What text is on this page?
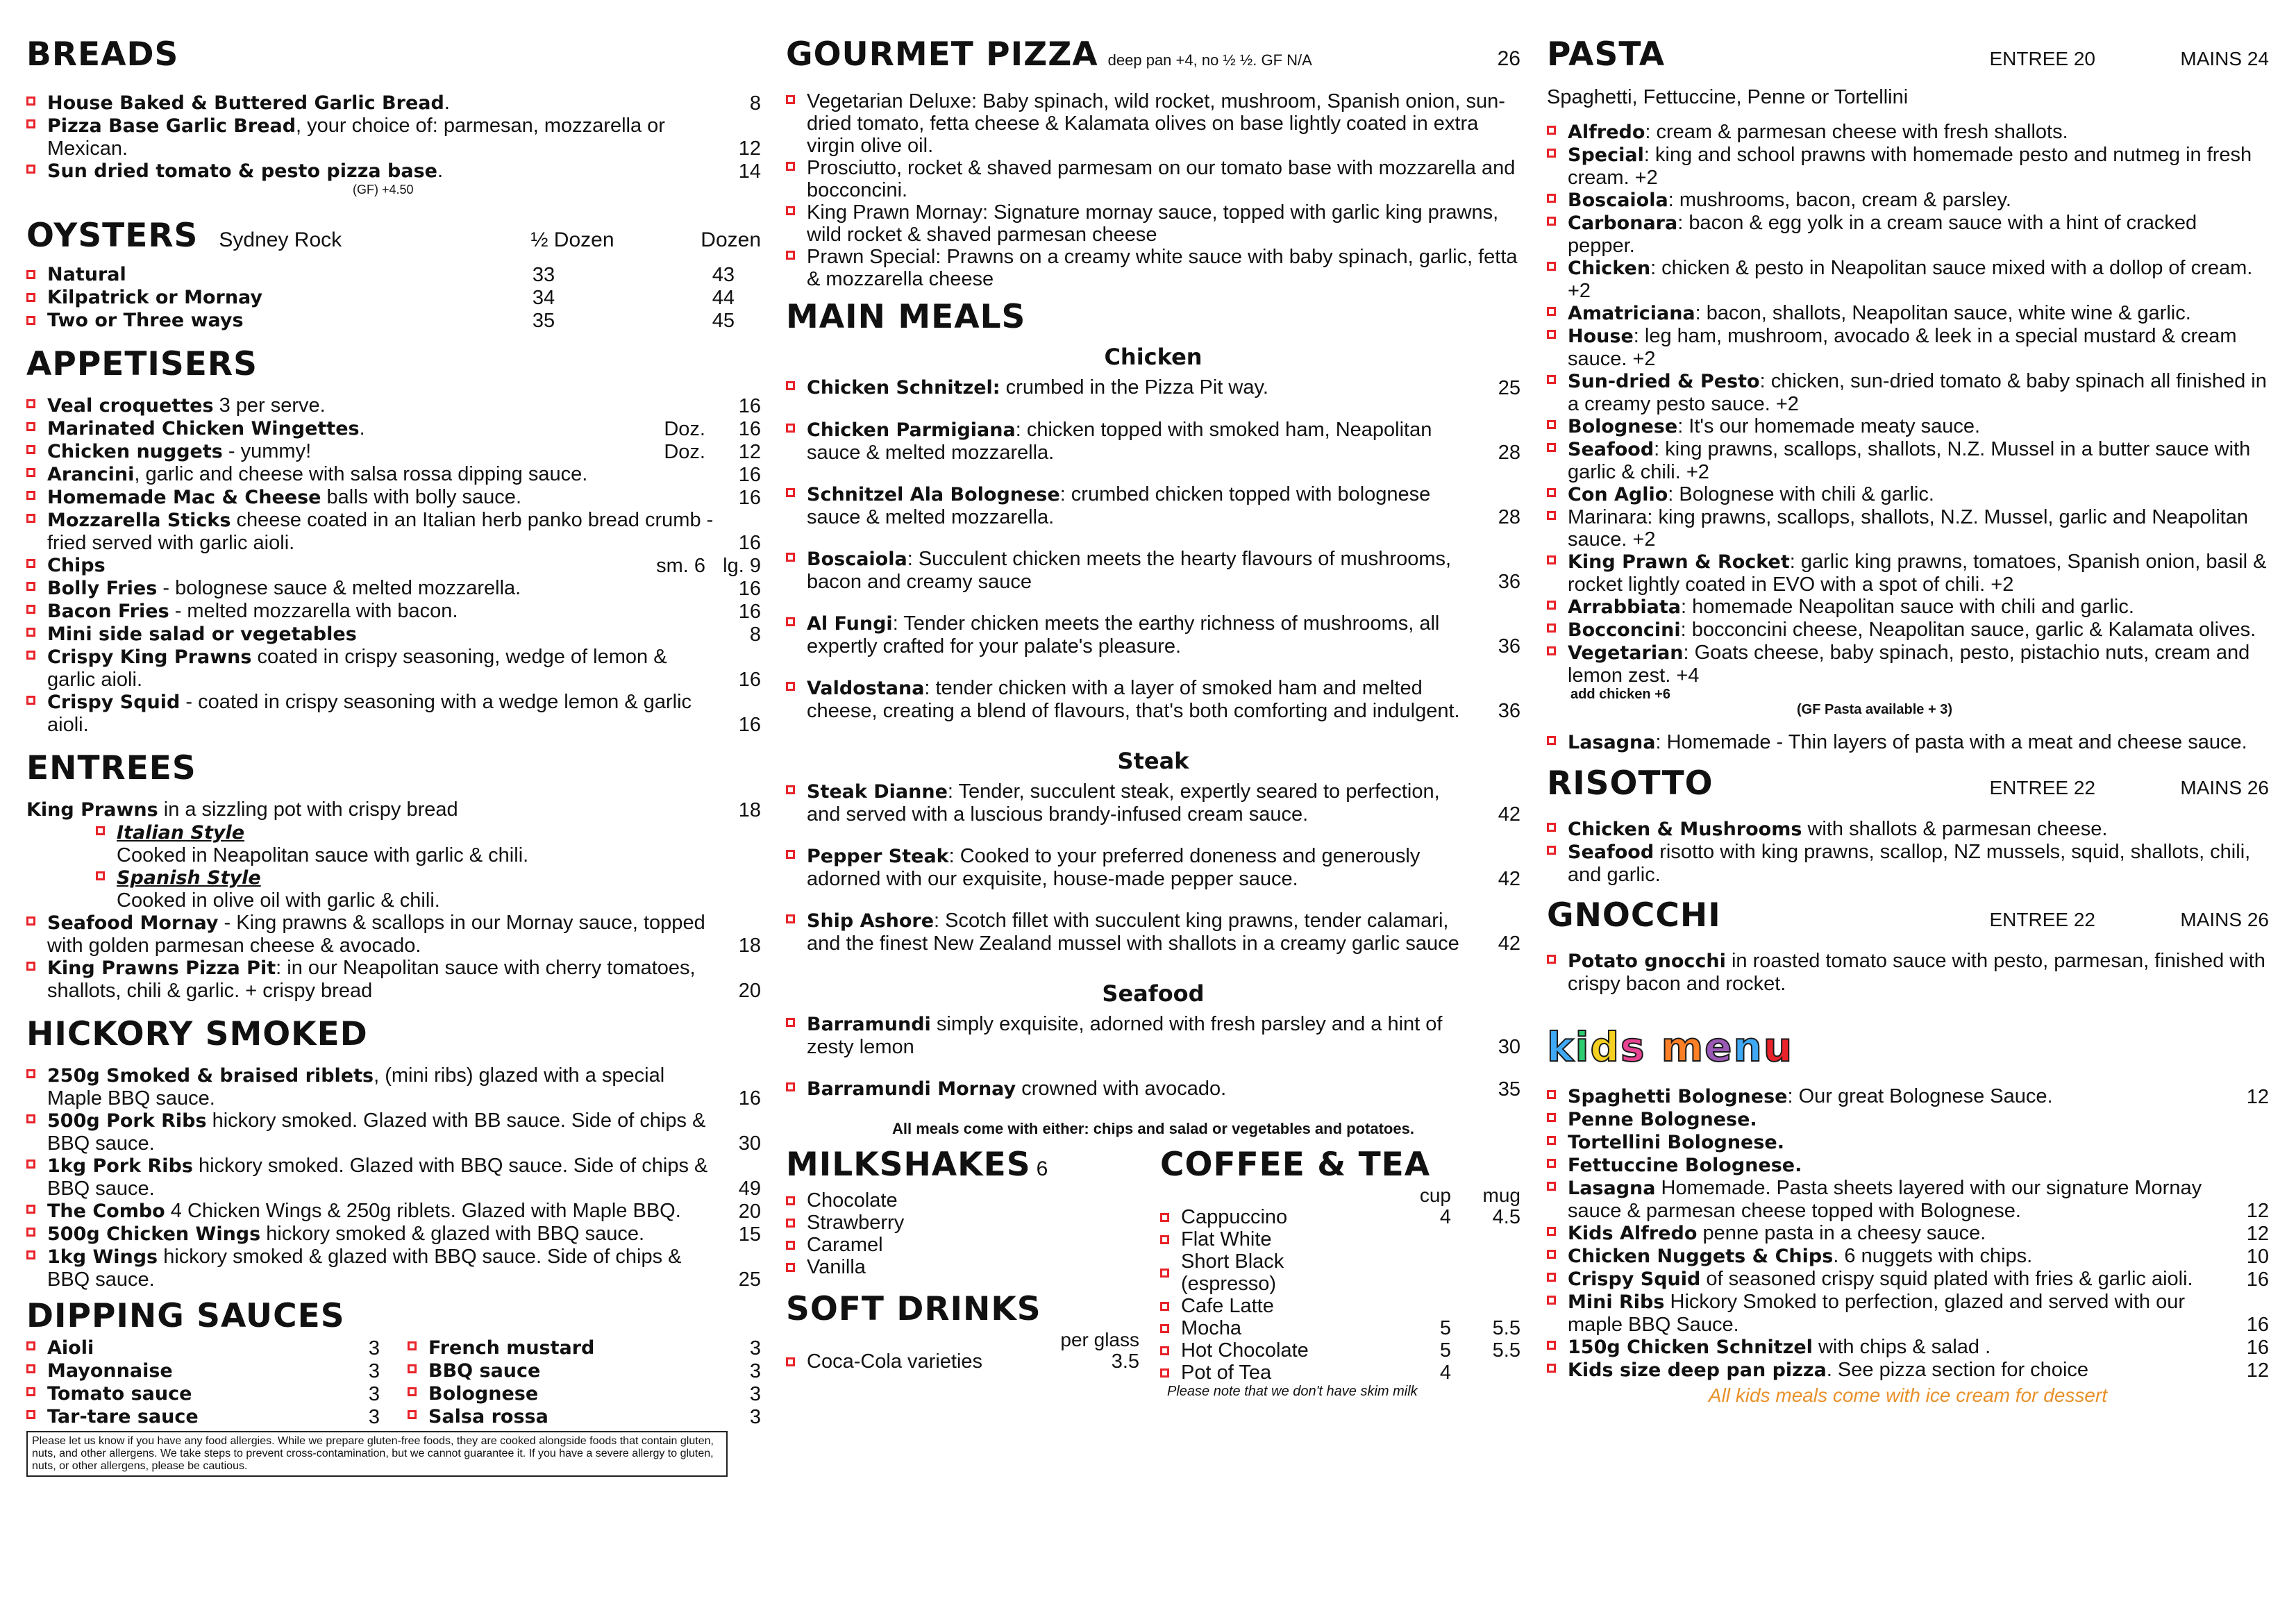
BREADS
House Baked & Buttered Garlic Bread.	8
Pizza Base Garlic Bread, your choice of: parmesan, mozzarella or Mexican.	12
Sun dried tomato & pesto pizza base.	14
(GF) +4.50
OYSTERS Sydney Rock	½ Dozen	Dozen
Natural	33	43
Kilpatrick or Mornay	34	44
Two or Three ways	35	45
APPETISERS
Veal croquettes 3 per serve.	16
Marinated Chicken Wingettes.	Doz.	16
Chicken nuggets - yummy!	Doz.	12
Arancini, garlic and cheese with salsa rossa dipping sauce.	16
Homemade Mac & Cheese balls with bolly sauce.	16
Mozzarella Sticks cheese coated in an Italian herb panko bread crumb - fried served with garlic aioli.	16
Chips	sm. 6 lg. 9
Bolly Fries - bolognese sauce & melted mozzarella.	16
Bacon Fries - melted mozzarella with bacon.	16
Mini side salad or vegetables	8
Crispy King Prawns coated in crispy seasoning, wedge of lemon & garlic aioli.	16
Crispy Squid - coated in crispy seasoning with a wedge lemon & garlic aioli.	16
ENTREES
King Prawns in a sizzling pot with crispy bread	18
Italian Style
Cooked in Neapolitan sauce with garlic & chili.
Spanish Style
Cooked in olive oil with garlic & chili.
Seafood Mornay - King prawns & scallops in our Mornay sauce, topped with golden parmesan cheese & avocado.	18
King Prawns Pizza Pit: in our Neapolitan sauce with cherry tomatoes, shallots, chili & garlic. + crispy bread	20
HICKORY SMOKED
250g Smoked & braised riblets, (mini ribs) glazed with a special Maple BBQ sauce.	16
500g Pork Ribs hickory smoked. Glazed with BB sauce. Side of chips & BBQ sauce.	30
1kg Pork Ribs hickory smoked. Glazed with BBQ sauce. Side of chips & BBQ sauce.	49
The Combo 4 Chicken Wings & 250g riblets. Glazed with Maple BBQ.	20
500g Chicken Wings hickory smoked & glazed with BBQ sauce.	15
1kg Wings hickory smoked & glazed with BBQ sauce. Side of chips & BBQ sauce.	25
DIPPING SAUCES
Aioli	3	French mustard	3
Mayonnaise	3	BBQ sauce	3
Tomato sauce	3	Bolognese	3
Tar-tare sauce	3	Salsa rossa	3
Please let us know if you have any food allergies. While we prepare gluten-free foods, they are cooked alongside foods that contain gluten, nuts, and other allergens. We take steps to prevent cross-contamination, but we cannot guarantee it. If you have a severe allergy to gluten, nuts, or other allergens, please be cautious.
GOURMET PIZZA deep pan +4, no ½ ½. GF N/A	26
Vegetarian Deluxe: Baby spinach, wild rocket, mushroom, Spanish onion, sun-dried tomato, fetta cheese & Kalamata olives on base lightly coated in extra virgin olive oil.
Prosciutto, rocket & shaved parmesam on our tomato base with mozzarella and bocconcini.
King Prawn Mornay: Signature mornay sauce, topped with garlic king prawns, wild rocket & shaved parmesan cheese
Prawn Special: Prawns on a creamy white sauce with baby spinach, garlic, fetta & mozzarella cheese
MAIN MEALS
Chicken
Chicken Schnitzel: crumbed in the Pizza Pit way.	25
Chicken Parmigiana: chicken topped with smoked ham, Neapolitan sauce & melted mozzarella.	28
Schnitzel Ala Bolognese: crumbed chicken topped with bolognese sauce & melted mozzarella.	28
Boscaiola: Succulent chicken meets the hearty flavours of mushrooms, bacon and creamy sauce	36
Al Fungi: Tender chicken meets the earthy richness of mushrooms, all expertly crafted for your palate's pleasure.	36
Valdostana: tender chicken with a layer of smoked ham and melted cheese, creating a blend of flavours, that's both comforting and indulgent.	36
Steak
Steak Dianne: Tender, succulent steak, expertly seared to perfection, and served with a luscious brandy-infused cream sauce.	42
Pepper Steak: Cooked to your preferred doneness and generously adorned with our exquisite, house-made pepper sauce.	42
Ship Ashore: Scotch fillet with succulent king prawns, tender calamari, and the finest New Zealand mussel with shallots in a creamy garlic sauce	42
Seafood
Barramundi simply exquisite, adorned with fresh parsley and a hint of zesty lemon	30
Barramundi Mornay crowned with avocado.	35
All meals come with either: chips and salad or vegetables and potatoes.
MILKSHAKES 6
Chocolate
Strawberry
Caramel
Vanilla
SOFT DRINKS
per glass
Coca-Cola varieties	3.5
COFFEE & TEA
cup	mug
Cappuccino	4	4.5
Flat White
Short Black (espresso)
Cafe Latte
Mocha	5	5.5
Hot Chocolate	5	5.5
Pot of Tea	4
Please note that we don't have skim milk
PASTA	ENTREE 20	MAINS 24
Spaghetti, Fettuccine, Penne or Tortellini
Alfredo: cream & parmesan cheese with fresh shallots.
Special: king and school prawns with homemade pesto and nutmeg in fresh cream. +2
Boscaiola: mushrooms, bacon, cream & parsley.
Carbonara: bacon & egg yolk in a cream sauce with a hint of cracked pepper.
Chicken: chicken & pesto in Neapolitan sauce mixed with a dollop of cream. +2
Amatriciana: bacon, shallots, Neapolitan sauce, white wine & garlic.
House: leg ham, mushroom, avocado & leek in a special mustard & cream sauce. +2
Sun-dried & Pesto: chicken, sun-dried tomato & baby spinach all finished in a creamy pesto sauce. +2
Bolognese: It's our homemade meaty sauce.
Seafood: king prawns, scallops, shallots, N.Z. Mussel in a butter sauce with garlic & chili. +2
Con Aglio: Bolognese with chili & garlic.
Marinara: king prawns, scallops, shallots, N.Z. Mussel, garlic and Neapolitan sauce. +2
King Prawn & Rocket: garlic king prawns, tomatoes, Spanish onion, basil & rocket lightly coated in EVO with a spot of chili. +2
Arrabbiata: homemade Neapolitan sauce with chili and garlic.
Bocconcini: bocconcini cheese, Neapolitan sauce, garlic & Kalamata olives.
Vegetarian: Goats cheese, baby spinach, pesto, pistachio nuts, cream and lemon zest. +4
add chicken +6
(GF Pasta available + 3)
Lasagna: Homemade - Thin layers of pasta with a meat and cheese sauce.
RISOTTO	ENTREE 22	MAINS 26
Chicken & Mushrooms with shallots & parmesan cheese.
Seafood risotto with king prawns, scallop, NZ mussels, squid, shallots, chili, and garlic.
GNOCCHI	ENTREE 22	MAINS 26
Potato gnocchi in roasted tomato sauce with pesto, parmesan, finished with crispy bacon and rocket.
kids menu
Spaghetti Bolognese: Our great Bolognese Sauce.	12
Penne Bolognese.
Tortellini Bolognese.
Fettuccine Bolognese.
Lasagna Homemade. Pasta sheets layered with our signature Mornay sauce & parmesan cheese topped with Bolognese.	12
Kids Alfredo penne pasta in a cheesy sauce.	12
Chicken Nuggets & Chips. 6 nuggets with chips.	10
Crispy Squid of seasoned crispy squid plated with fries & garlic aioli.	16
Mini Ribs Hickory Smoked to perfection, glazed and served with our maple BBQ Sauce.	16
150g Chicken Schnitzel with chips & salad .	16
Kids size deep pan pizza. See pizza section for choice	12
All kids meals come with ice cream for dessert
